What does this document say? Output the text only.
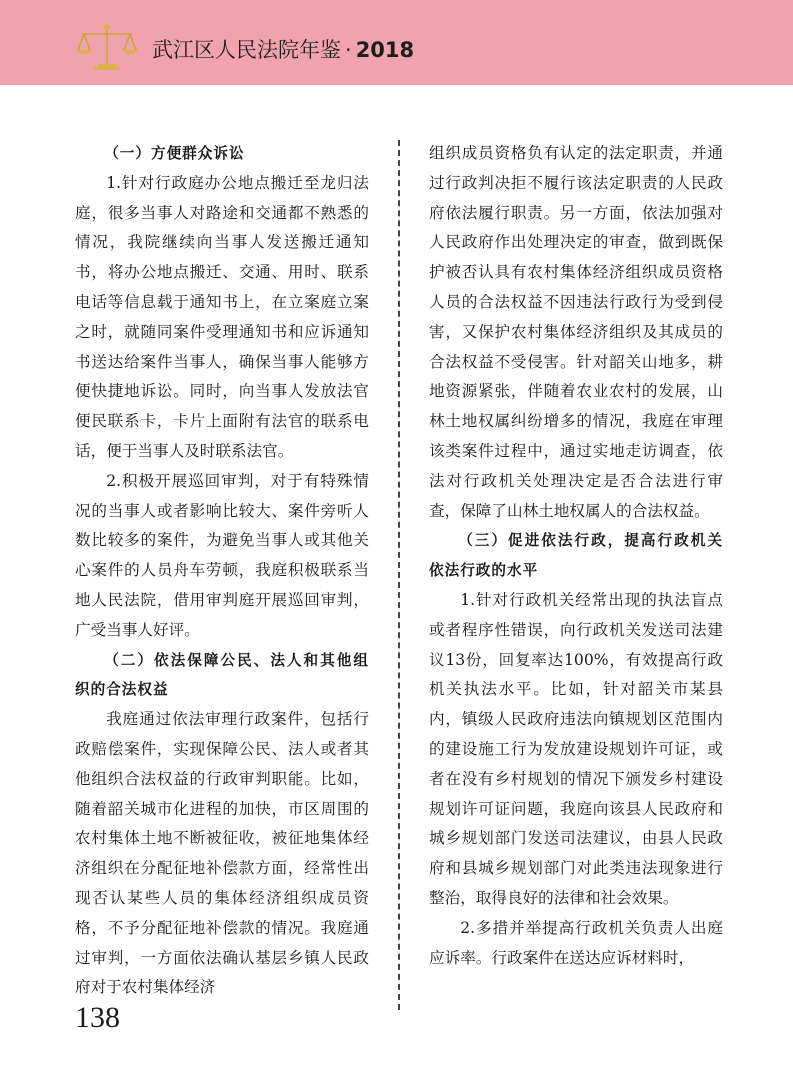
武江区人民法院年鉴 · 2018
（一）方便群众诉讼

1.针对行政庭办公地点搬迁至龙归法庭，很多当事人对路途和交通都不熟悉的情况，我院继续向当事人发送搬迁通知书，将办公地点搬迁、交通、用时、联系电话等信息载于通知书上，在立案庭立案之时，就随同案件受理通知书和应诉通知书送达给案件当事人，确保当事人能够方便快捷地诉讼。同时，向当事人发放法官便民联系卡，卡片上面附有法官的联系电话，便于当事人及时联系法官。

2.积极开展巡回审判，对于有特殊情况的当事人或者影响比较大、案件旁听人数比较多的案件，为避免当事人或其他关心案件的人员舟车劳顿，我庭积极联系当地人民法院，借用审判庭开展巡回审判，广受当事人好评。

（二）依法保障公民、法人和其他组织的合法权益

我庭通过依法审理行政案件，包括行政赔偿案件，实现保障公民、法人或者其他组织合法权益的行政审判职能。比如，随着韶关城市化进程的加快，市区周围的农村集体土地不断被征收，被征地集体经济组织在分配征地补偿款方面，经常性出现否认某些人员的集体经济组织成员资格，不予分配征地补偿款的情况。我庭通过审判，一方面依法确认基层乡镇人民政府对于农村集体经济

组织成员资格负有认定的法定职责，并通过行政判决拒不履行该法定职责的人民政府依法履行职责。另一方面，依法加强对人民政府作出处理决定的审查，做到既保护被否认具有农村集体经济组织成员资格人员的合法权益不因违法行政行为受到侵害，又保护农村集体经济组织及其成员的合法权益不受侵害。针对韶关山地多，耕地资源紧张，伴随着农业农村的发展，山林土地权属纠纷增多的情况，我庭在审理该类案件过程中，通过实地走访调查，依法对行政机关处理决定是否合法进行审查，保障了山林土地权属人的合法权益。

（三）促进依法行政，提高行政机关依法行政的水平

1.针对行政机关经常出现的执法盲点或者程序性错误，向行政机关发送司法建议13份，回复率达100%，有效提高行政机关执法水平。比如，针对韶关市某县内，镇级人民政府违法向镇规划区范围内的建设施工行为发放建设规划许可证，或者在没有乡村规划的情况下颁发乡村建设规划许可证问题，我庭向该县人民政府和城乡规划部门发送司法建议，由县人民政府和县城乡规划部门对此类违法现象进行整治，取得良好的法律和社会效果。

2.多措并举提高行政机关负责人出庭应诉率。行政案件在送达应诉材料时，

138
